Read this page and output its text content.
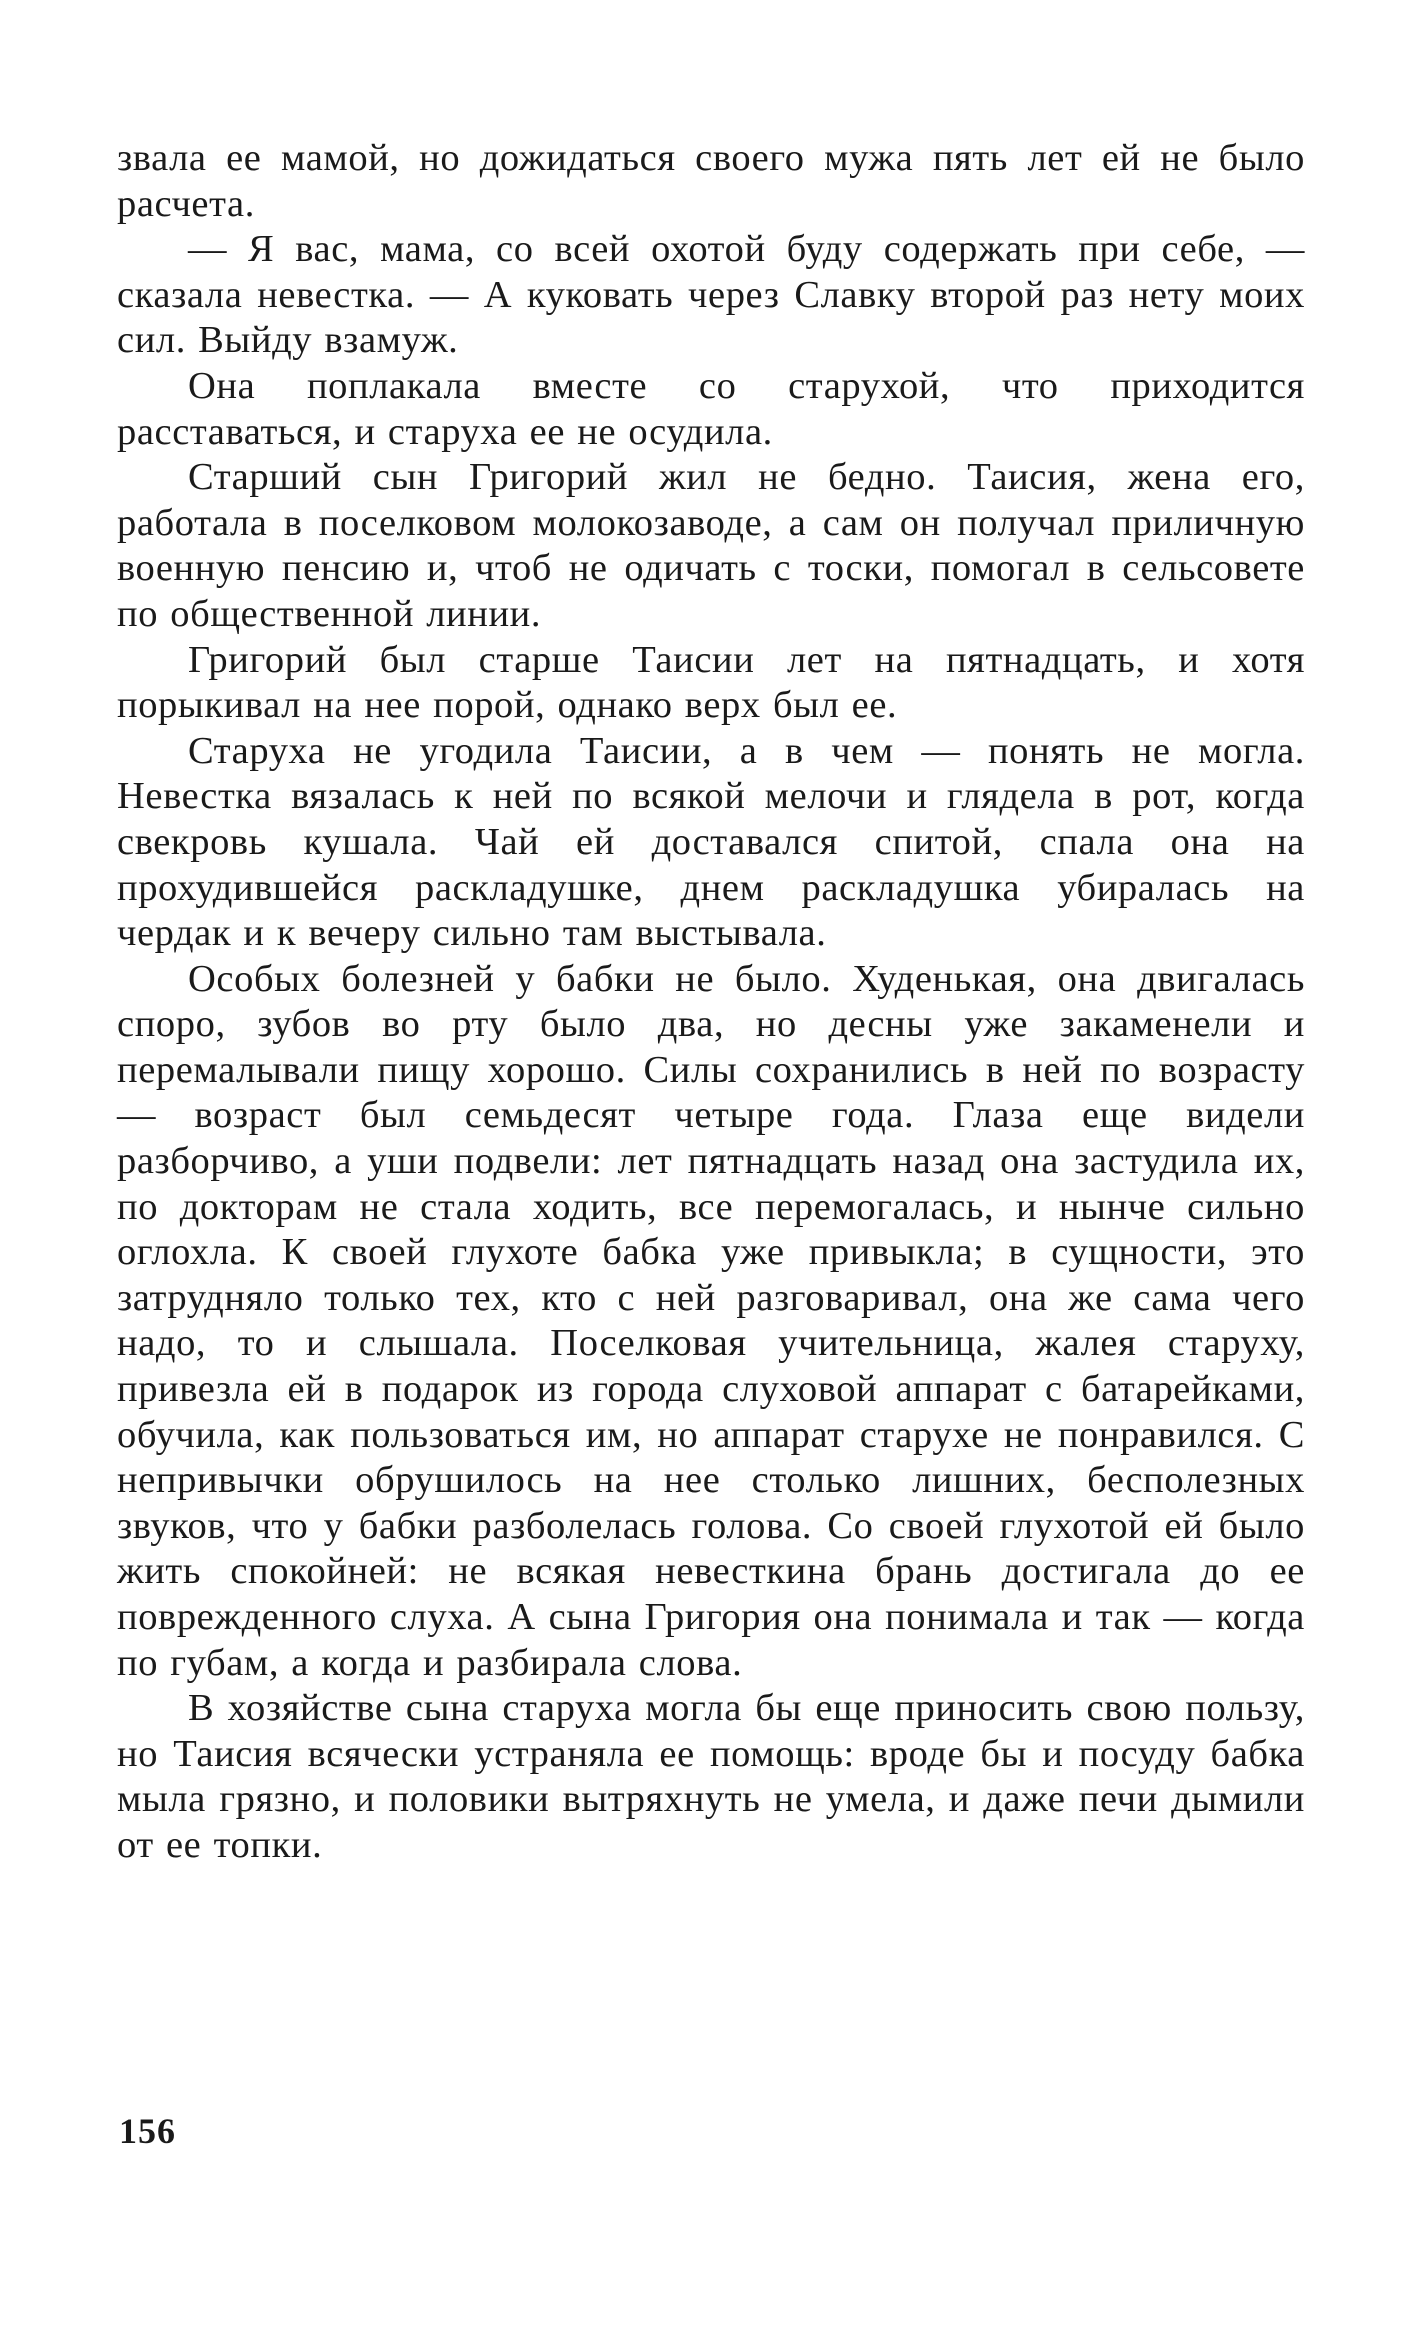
звала ее мамой, но дожидаться своего мужа пять лет ей не было расчета.

— Я вас, мама, со всей охотой буду содержать при себе, — сказала невестка. — А куковать через Славку второй раз нету моих сил. Выйду взамуж.

Она поплакала вместе со старухой, что приходится расставаться, и старуха ее не осудила.

Старший сын Григорий жил не бедно. Таисия, жена его, работала в поселковом молокозаводе, а сам он получал приличную военную пенсию и, чтоб не одичать с тоски, помогал в сельсовете по общественной линии.

Григорий был старше Таисии лет на пятнадцать, и хотя порыкивал на нее порой, однако верх был ее.

Старуха не угодила Таисии, а в чем — понять не могла. Невестка вязалась к ней по всякой мелочи и глядела в рот, когда свекровь кушала. Чай ей доставался спитой, спала она на прохудившейся раскладушке, днем раскладушка убиралась на чердак и к вечеру сильно там выстывала.

Особых болезней у бабки не было. Худенькая, она двигалась споро, зубов во рту было два, но десны уже закаменели и перемалывали пищу хорошо. Силы сохранились в ней по возрасту — возраст был семьдесят четыре года. Глаза еще видели разборчиво, а уши подвели: лет пятнадцать назад она застудила их, по докторам не стала ходить, все перемогалась, и нынче сильно оглохла. К своей глухоте бабка уже привыкла; в сущности, это затрудняло только тех, кто с ней разговаривал, она же сама чего надо, то и слышала. Поселковая учительница, жалея старуху, привезла ей в подарок из города слуховой аппарат с батарейками, обучила, как пользоваться им, но аппарат старухе не понравился. С непривычки обрушилось на нее столько лишних, бесполезных звуков, что у бабки разболелась голова. Со своей глухотой ей было жить спокойней: не всякая невесткина брань достигала до ее поврежденного слуха. А сына Григория она понимала и так — когда по губам, а когда и разбирала слова.

В хозяйстве сына старуха могла бы еще приносить свою пользу, но Таисия всячески устраняла ее помощь: вроде бы и посуду бабка мыла грязно, и половики вытряхнуть не умела, и даже печи дымили от ее топки.

156
